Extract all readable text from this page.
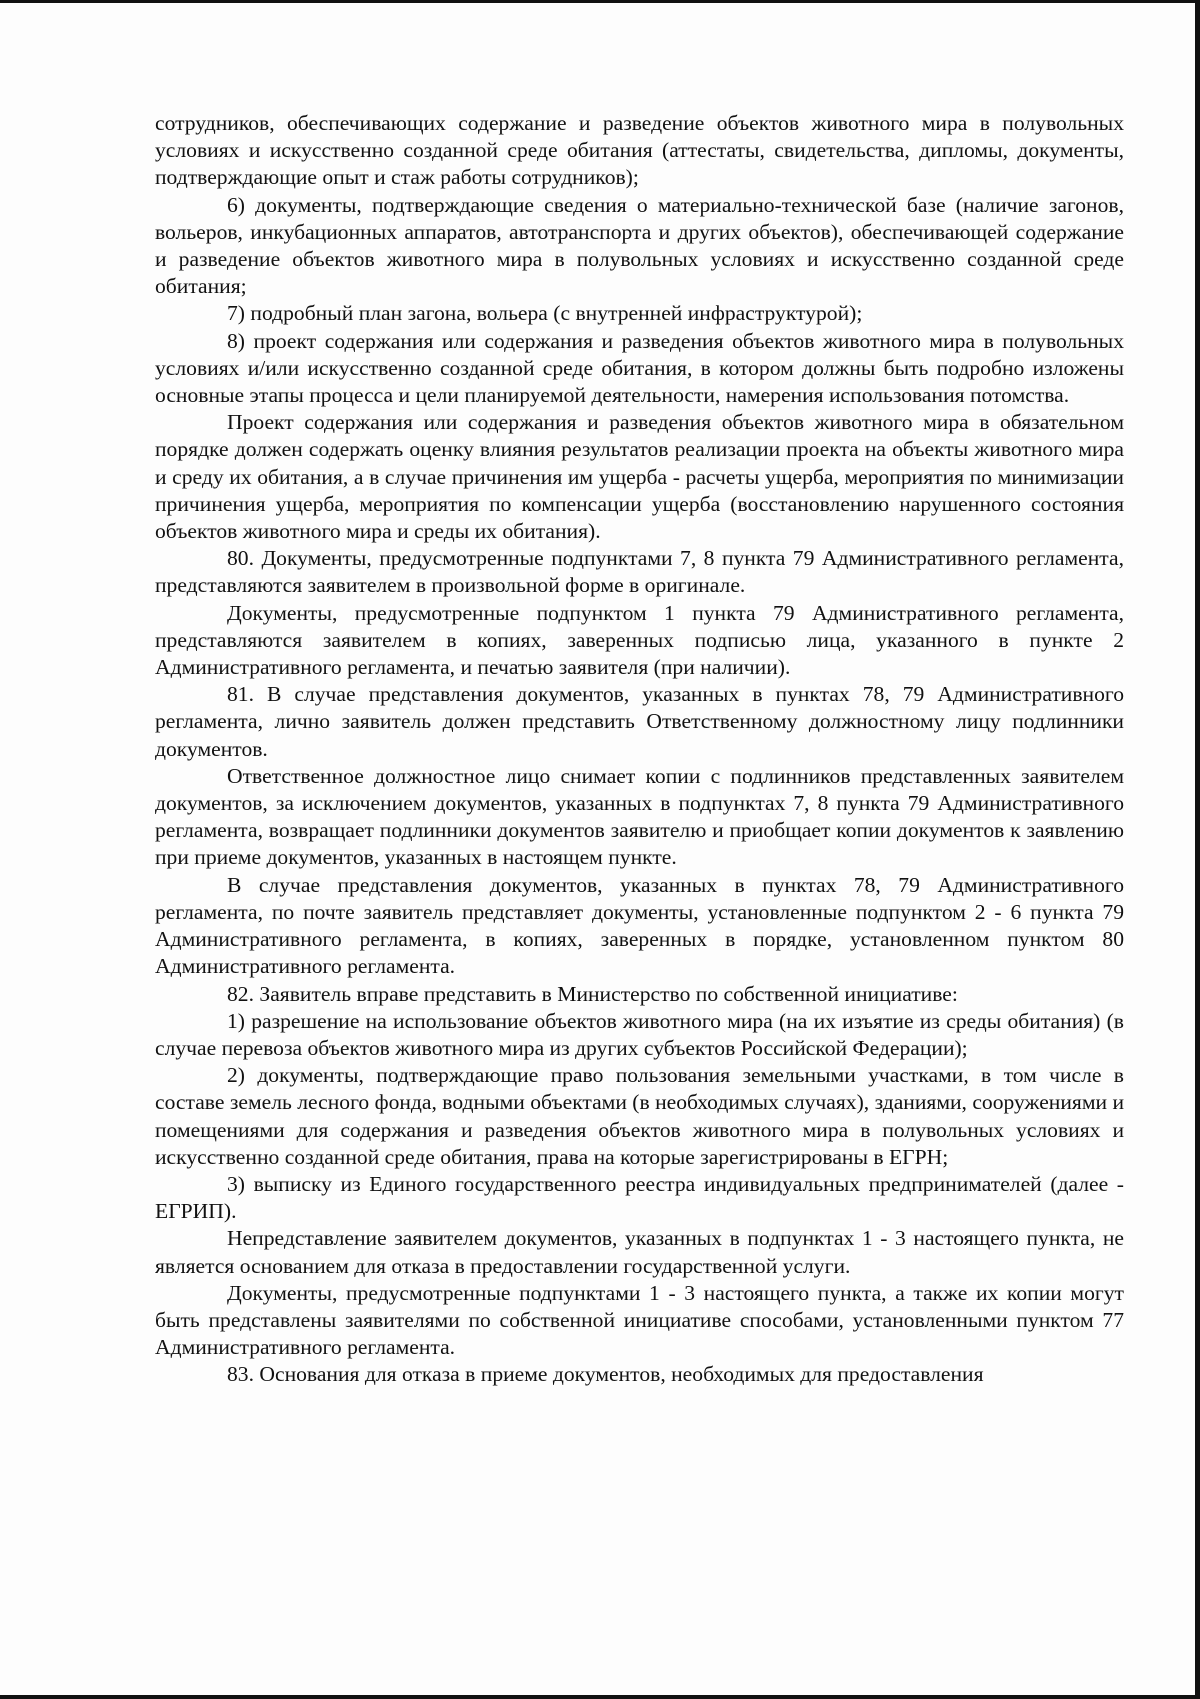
сотрудников, обеспечивающих содержание и разведение объектов животного мира в полувольных условиях и искусственно созданной среде обитания (аттестаты, свидетельства, дипломы, документы, подтверждающие опыт и стаж работы сотрудников);

6) документы, подтверждающие сведения о материально-технической базе (наличие загонов, вольеров, инкубационных аппаратов, автотранспорта и других объектов), обеспечивающей содержание и разведение объектов животного мира в полувольных условиях и искусственно созданной среде обитания;

7) подробный план загона, вольера (с внутренней инфраструктурой);

8) проект содержания или содержания и разведения объектов животного мира в полувольных условиях и/или искусственно созданной среде обитания, в котором должны быть подробно изложены основные этапы процесса и цели планируемой деятельности, намерения использования потомства.

Проект содержания или содержания и разведения объектов животного мира в обязательном порядке должен содержать оценку влияния результатов реализации проекта на объекты животного мира и среду их обитания, а в случае причинения им ущерба - расчеты ущерба, мероприятия по минимизации причинения ущерба, мероприятия по компенсации ущерба (восстановлению нарушенного состояния объектов животного мира и среды их обитания).

80. Документы, предусмотренные подпунктами 7, 8 пункта 79 Административного регламента, представляются заявителем в произвольной форме в оригинале.

Документы, предусмотренные подпунктом 1 пункта 79 Административного регламента, представляются заявителем в копиях, заверенных подписью лица, указанного в пункте 2 Административного регламента, и печатью заявителя (при наличии).

81. В случае представления документов, указанных в пунктах 78, 79 Административного регламента, лично заявитель должен представить Ответственному должностному лицу подлинники документов.

Ответственное должностное лицо снимает копии с подлинников представленных заявителем документов, за исключением документов, указанных в подпунктах 7, 8 пункта 79 Административного регламента, возвращает подлинники документов заявителю и приобщает копии документов к заявлению при приеме документов, указанных в настоящем пункте.

В случае представления документов, указанных в пунктах 78, 79 Административного регламента, по почте заявитель представляет документы, установленные подпунктом 2 - 6 пункта 79 Административного регламента, в копиях, заверенных в порядке, установленном пунктом 80 Административного регламента.

82. Заявитель вправе представить в Министерство по собственной инициативе:

1) разрешение на использование объектов животного мира (на их изъятие из среды обитания) (в случае перевоза объектов животного мира из других субъектов Российской Федерации);

2) документы, подтверждающие право пользования земельными участками, в том числе в составе земель лесного фонда, водными объектами (в необходимых случаях), зданиями, сооружениями и помещениями для содержания и разведения объектов животного мира в полувольных условиях и искусственно созданной среде обитания, права на которые зарегистрированы в ЕГРН;

3) выписку из Единого государственного реестра индивидуальных предпринимателей (далее - ЕГРИП).

Непредставление заявителем документов, указанных в подпунктах 1 - 3 настоящего пункта, не является основанием для отказа в предоставлении государственной услуги.

Документы, предусмотренные подпунктами 1 - 3 настоящего пункта, а также их копии могут быть представлены заявителями по собственной инициативе способами, установленными пунктом 77 Административного регламента.

83. Основания для отказа в приеме документов, необходимых для предоставления
